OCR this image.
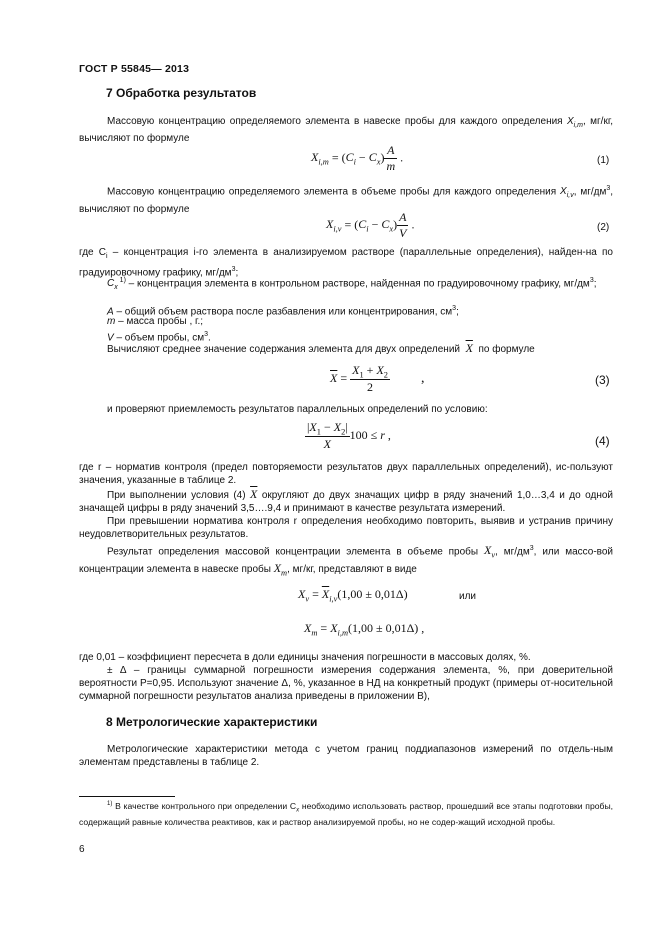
ГОСТ Р 55845— 2013
7 Обработка результатов
Массовую концентрацию определяемого элемента в навеске пробы для каждого определения $X_{i,m}$, мг/кг, вычисляют по формуле
$X_{i,m} = (C_i - C_x) \frac{A}{m}$ .	(1)
Массовую концентрацию определяемого элемента в объеме пробы для каждого определения $X_{i,v}$, $мг/дм^3$, вычисляют по формуле
$X_{i,v} = (C_i - C_x) \frac{A}{V}$ .	(2)
где $C_i$ – концентрация i-го элемента в анализируемом растворе (параллельные определения), найден-на по градуировочному графику, $мг/дм^3$;
$C_x$ $^{1)}$ – концентрация элемента в контрольном растворе, найденная по градуировочному графику, $мг/дм^3$;
A – общий объем раствора после разбавления или концентрирования, $см^3$;
m – масса пробы , г.;
V – объем пробы, $см^3$.
Вычисляют среднее значение содержания элемента для двух определений $\overline{X}$ по формуле
$\overline{X} = \frac{X_1 + X_2}{2}$ ,	(3)
и проверяют приемлемость результатов параллельных определений по условию:
$\frac{|X_1 - X_2|}{X} 100 \le r$ ,	(4)
где r – норматив контроля (предел повторяемости результатов двух параллельных определений), ис-пользуют значения, указанные в таблице 2.
При выполнении условия (4) $\overline{X}$ округляют до двух значащих цифр в ряду значений 1,0…3,4 и до одной значащей цифры в ряду значений 3,5….9,4 и принимают в качестве результата измерений.
При превышении норматива контроля r определения необходимо повторить, выявив и устранив причину неудовлетворительных результатов.
Результат определения массовой концентрации элемента в объеме пробы $X_v$, $мг/дм^3$, или массо-вой концентрации элемента в навеске пробы $X_m$, мг/кг, представляют в виде
$X_v = \overline{X}_{i,v}(1,00 \pm 0,01\Delta)$	или
$X_m = X_{i,m}(1,00 \pm 0,01\Delta)$ ,
где 0,01 – коэффициент пересчета в доли единицы значения погрешности в массовых долях, %.
± Δ – границы суммарной погрешности измерения содержания элемента, %, при доверительной вероятности P=0,95. Используют значение Δ, %, указанное в НД на конкретный продукт (примеры от-носительной суммарной погрешности результатов анализа приведены в приложении В),
8 Метрологические характеристики
Метрологические характеристики метода с учетом границ поддиапазонов измерений по отдель-ным элементам представлены в таблице 2.
$^{1)}$ В качестве контрольного при определении $C_x$ необходимо использовать раствор, прошедший все этапы подготовки пробы, содержащий равные количества реактивов, как и раствор анализируемой пробы, но не содер-жащий исходной пробы.
6
